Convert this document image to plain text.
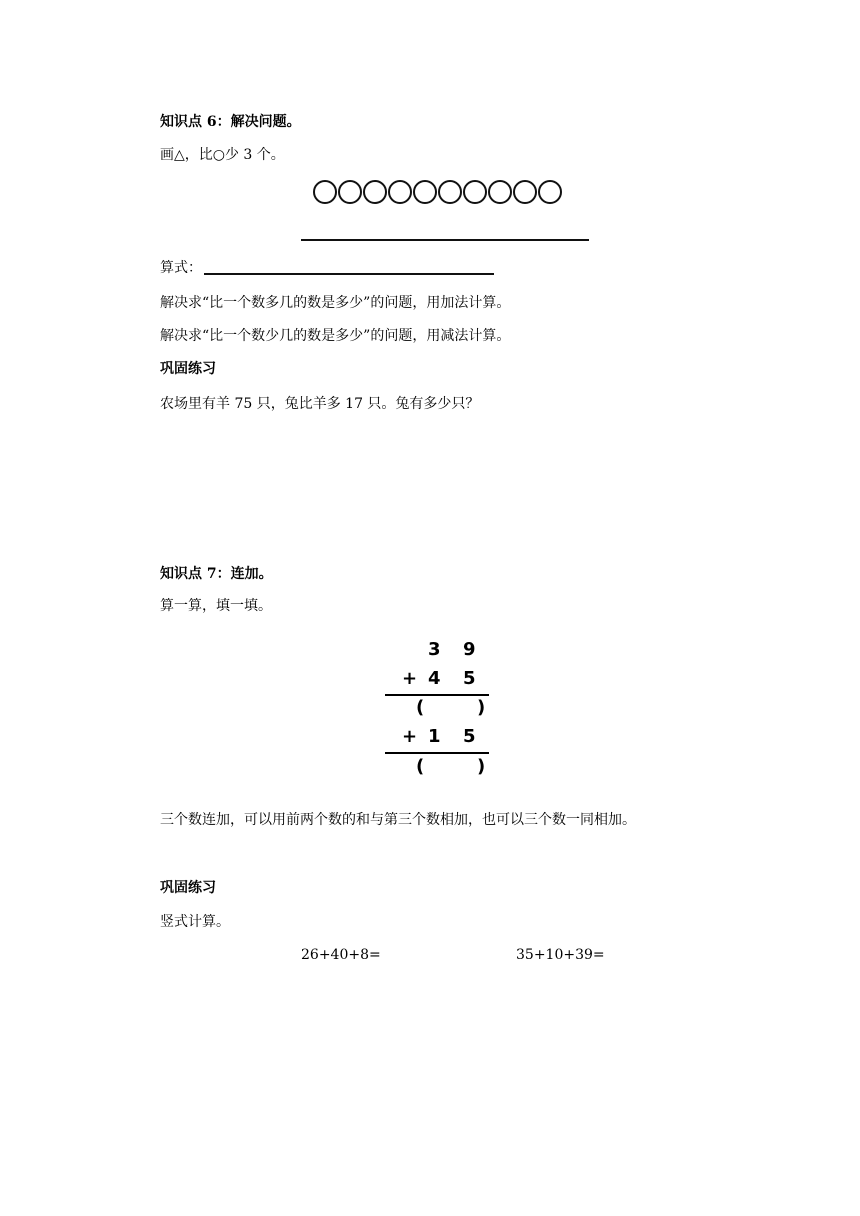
知识点 6：解决问题。
画△，比○少 3 个。
算式：
解决求“比一个数多几的数是多少”的问题，用加法计算。
解决求“比一个数少几的数是多少”的问题，用减法计算。
巩固练习
农场里有羊 75 只，兔比羊多 17 只。兔有多少只？
知识点 7：连加。
算一算，填一填。
3 9
+ 4 5
(	)
+ 1 5
(	)
三个数连加，可以用前两个数的和与第三个数相加，也可以三个数一同相加。
巩固练习
竖式计算。
26+40+8=	35+10+39=
